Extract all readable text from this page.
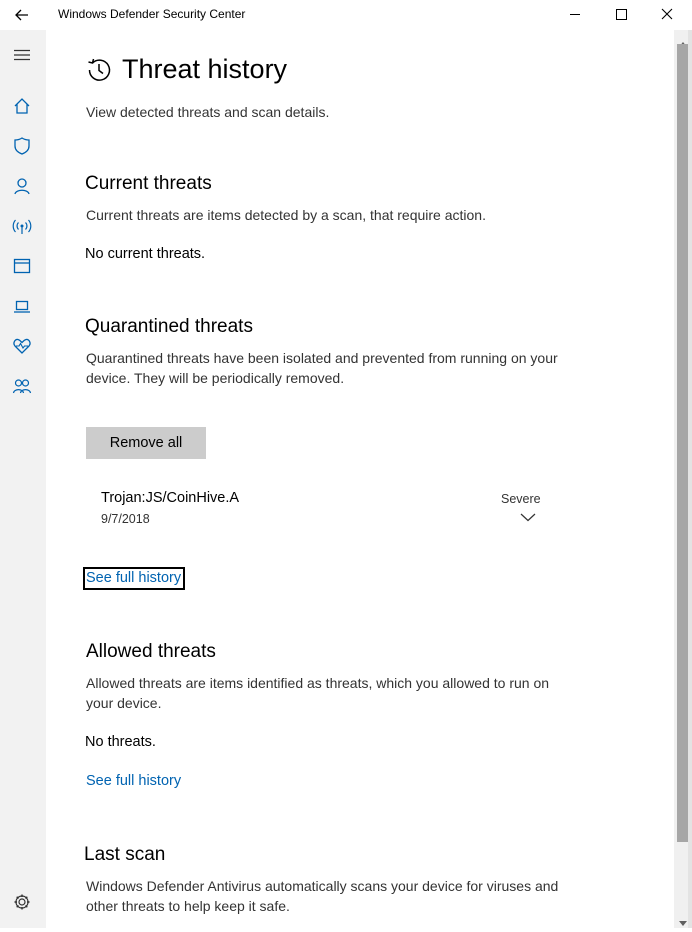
Windows Defender Security Center
Threat history
View detected threats and scan details.
Current threats
Current threats are items detected by a scan, that require action.
No current threats.
Quarantined threats
Quarantined threats have been isolated and prevented from running on your device. They will be periodically removed.
Remove all
Trojan:JS/CoinHive.A
9/7/2018
Severe
See full history
Allowed threats
Allowed threats are items identified as threats, which you allowed to run on your device.
No threats.
See full history
Last scan
Windows Defender Antivirus automatically scans your device for viruses and other threats to help keep it safe.
